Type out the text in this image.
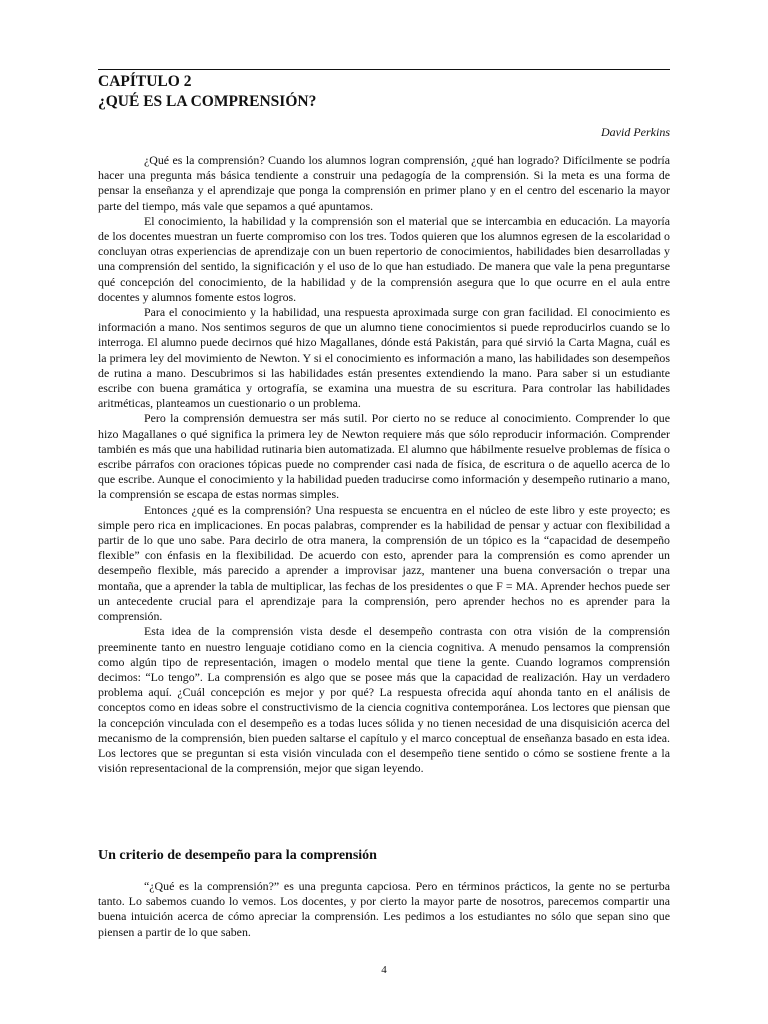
CAPÍTULO 2
¿QUÉ ES LA COMPRENSIÓN?
David Perkins

¿Qué es la comprensión? Cuando los alumnos logran comprensión, ¿qué han logrado? Difícilmente se podría hacer una pregunta más básica tendiente a construir una pedagogía de la comprensión. Si la meta es una forma de pensar la enseñanza y el aprendizaje que ponga la comprensión en primer plano y en el centro del escenario la mayor parte del tiempo, más vale que sepamos a qué apuntamos.

El conocimiento, la habilidad y la comprensión son el material que se intercambia en educación. La mayoría de los docentes muestran un fuerte compromiso con los tres. Todos quieren que los alumnos egresen de la escolaridad o concluyan otras experiencias de aprendizaje con un buen repertorio de conocimientos, habilidades bien desarrolladas y una comprensión del sentido, la significación y el uso de lo que han estudiado. De manera que vale la pena preguntarse qué concepción del conocimiento, de la habilidad y de la comprensión asegura que lo que ocurre en el aula entre docentes y alumnos fomente estos logros.

Para el conocimiento y la habilidad, una respuesta aproximada surge con gran facilidad. El conocimiento es información a mano. Nos sentimos seguros de que un alumno tiene conocimientos si puede reproducirlos cuando se lo interroga. El alumno puede decirnos qué hizo Magallanes, dónde está Pakistán, para qué sirvió la Carta Magna, cuál es la primera ley del movimiento de Newton. Y si el conocimiento es información a mano, las habilidades son desempeños de rutina a mano. Descubrimos si las habilidades están presentes extendiendo la mano. Para saber si un estudiante escribe con buena gramática y ortografía, se examina una muestra de su escritura. Para controlar las habilidades aritméticas, planteamos un cuestionario o un problema.

Pero la comprensión demuestra ser más sutil. Por cierto no se reduce al conocimiento. Comprender lo que hizo Magallanes o qué significa la primera ley de Newton requiere más que sólo reproducir información. Comprender también es más que una habilidad rutinaria bien automatizada. El alumno que hábilmente resuelve problemas de física o escribe párrafos con oraciones tópicas puede no comprender casi nada de física, de escritura o de aquello acerca de lo que escribe. Aunque el conocimiento y la habilidad pueden traducirse como información y desempeño rutinario a mano, la comprensión se escapa de estas normas simples.

Entonces ¿qué es la comprensión? Una respuesta se encuentra en el núcleo de este libro y este proyecto; es simple pero rica en implicaciones. En pocas palabras, comprender es la habilidad de pensar y actuar con flexibilidad a partir de lo que uno sabe. Para decirlo de otra manera, la comprensión de un tópico es la “capacidad de desempeño flexible” con énfasis en la flexibilidad. De acuerdo con esto, aprender para la comprensión es como aprender un desempeño flexible, más parecido a aprender a improvisar jazz, mantener una buena conversación o trepar una montaña, que a aprender la tabla de multiplicar, las fechas de los presidentes o que F = MA. Aprender hechos puede ser un antecedente crucial para el aprendizaje para la comprensión, pero aprender hechos no es aprender para la comprensión.

Esta idea de la comprensión vista desde el desempeño contrasta con otra visión de la comprensión preeminente tanto en nuestro lenguaje cotidiano como en la ciencia cognitiva. A menudo pensamos la comprensión como algún tipo de representación, imagen o modelo mental que tiene la gente. Cuando logramos comprensión decimos: “Lo tengo”. La comprensión es algo que se posee más que la capacidad de realización. Hay un verdadero problema aquí. ¿Cuál concepción es mejor y por qué? La respuesta ofrecida aquí ahonda tanto en el análisis de conceptos como en ideas sobre el constructivismo de la ciencia cognitiva contemporánea. Los lectores que piensan que la concepción vinculada con el desempeño es a todas luces sólida y no tienen necesidad de una disquisición acerca del mecanismo de la comprensión, bien pueden saltarse el capítulo y el marco conceptual de enseñanza basado en esta idea. Los lectores que se preguntan si esta visión vinculada con el desempeño tiene sentido o cómo se sostiene frente a la visión representacional de la comprensión, mejor que sigan leyendo.

Un criterio de desempeño para la comprensión

“¿Qué es la comprensión?” es una pregunta capciosa. Pero en términos prácticos, la gente no se perturba tanto. Lo sabemos cuando lo vemos. Los docentes, y por cierto la mayor parte de nosotros, parecemos compartir una buena intuición acerca de cómo apreciar la comprensión. Les pedimos a los estudiantes no sólo que sepan sino que piensen a partir de lo que saben.

4
